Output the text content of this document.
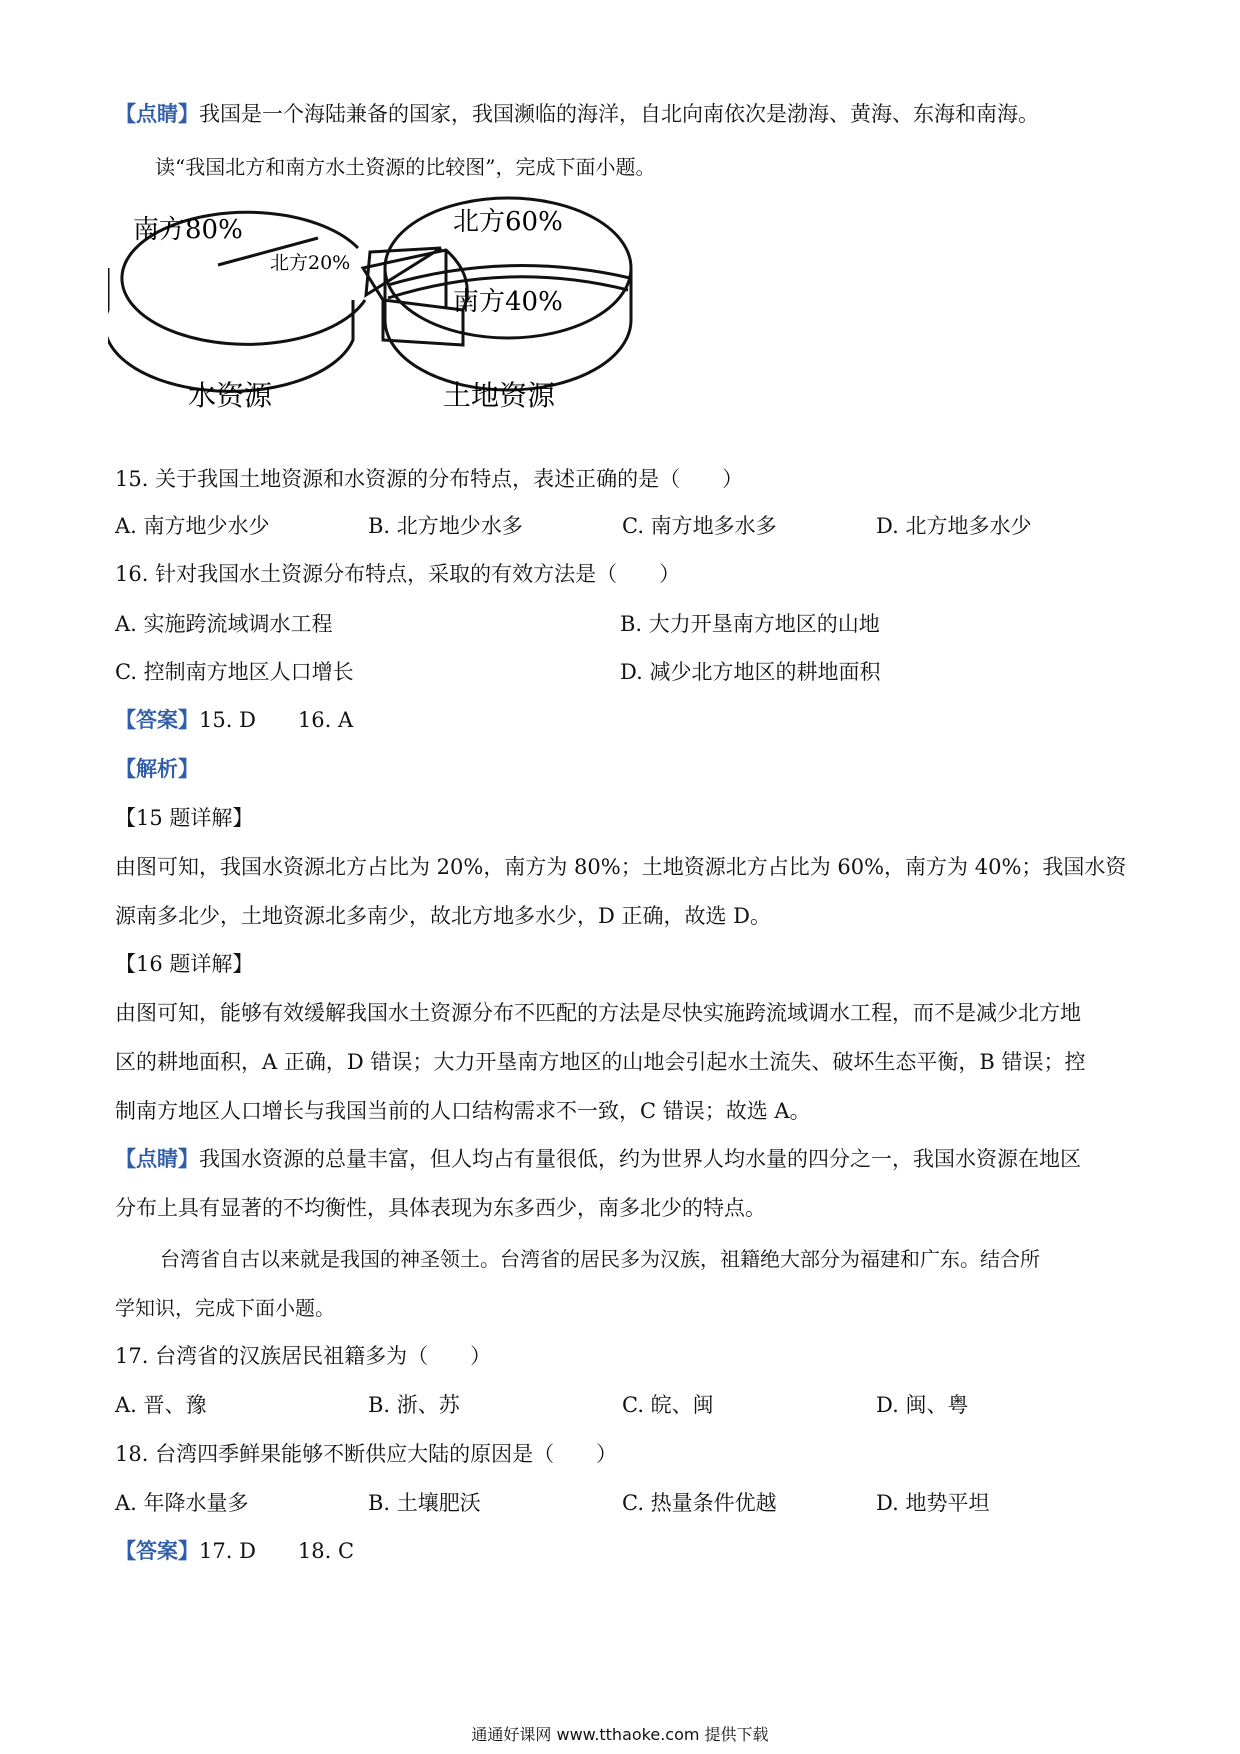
【点睛】我国是一个海陆兼备的国家，我国濒临的海洋，自北向南依次是渤海、黄海、东海和南海。
读“我国北方和南方水土资源的比较图”，完成下面小题。
南方80%
北方20%
水资源
北方60%
南方40%
土地资源
15. 关于我国土地资源和水资源的分布特点，表述正确的是（　　）
A. 南方地少水少	B. 北方地少水多	C. 南方地多水多	D. 北方地多水少
16. 针对我国水土资源分布特点，采取的有效方法是（　　）
A. 实施跨流域调水工程	B. 大力开垦南方地区的山地
C. 控制南方地区人口增长	D. 减少北方地区的耕地面积
【答案】15. D　　16. A
【解析】
【15 题详解】
由图可知，我国水资源北方占比为 20%，南方为 80%；土地资源北方占比为 60%，南方为 40%；我国水资
源南多北少，土地资源北多南少，故北方地多水少，D 正确，故选 D。
【16 题详解】
由图可知，能够有效缓解我国水土资源分布不匹配的方法是尽快实施跨流域调水工程，而不是减少北方地
区的耕地面积，A 正确，D 错误；大力开垦南方地区的山地会引起水土流失、破坏生态平衡，B 错误；控
制南方地区人口增长与我国当前的人口结构需求不一致，C 错误；故选 A。
【点睛】我国水资源的总量丰富，但人均占有量很低，约为世界人均水量的四分之一，我国水资源在地区
分布上具有显著的不均衡性，具体表现为东多西少，南多北少的特点。
台湾省自古以来就是我国的神圣领土。台湾省的居民多为汉族，祖籍绝大部分为福建和广东。结合所
学知识，完成下面小题。
17. 台湾省的汉族居民祖籍多为（　　）
A. 晋、豫	B. 浙、苏	C. 皖、闽	D. 闽、粤
18. 台湾四季鲜果能够不断供应大陆的原因是（　　）
A. 年降水量多	B. 土壤肥沃	C. 热量条件优越	D. 地势平坦
【答案】17. D　　18. C
通通好课网 www.tthaoke.com 提供下载
